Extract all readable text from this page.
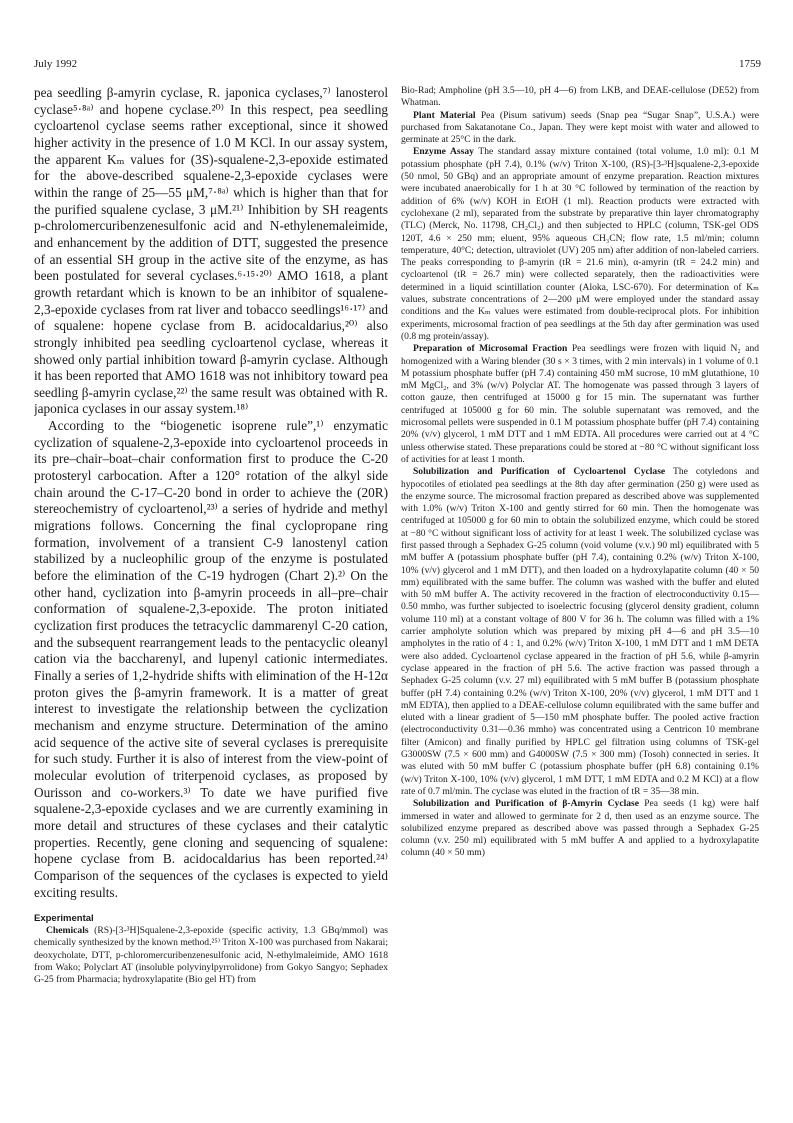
July 1992	1759

pea seedling β-amyrin cyclase, R. japonica cyclases,⁷⁾ lanosterol cyclase⁵·⁸ᵃ⁾ and hopene cyclase.²⁰⁾ In this respect, pea seedling cycloartenol cyclase seems rather exceptional, since it showed higher activity in the presence of 1.0 M KCl. In our assay system, the apparent Kₘ values for (3S)-squalene-2,3-epoxide estimated for the above-described squalene-2,3-epoxide cyclases were within the range of 25—55 μM,⁷·⁸ᵃ⁾ which is higher than that for the purified squalene cyclase, 3 μM.²¹⁾ Inhibition by SH reagents p-chrolomercuribenzenesulfonic acid and N-ethylenemaleimide, and enhancement by the addition of DTT, suggested the presence of an essential SH group in the active site of the enzyme, as has been postulated for several cyclases.⁶·¹⁵·²⁰⁾ AMO 1618, a plant growth retardant which is known to be an inhibitor of squalene-2,3-epoxide cyclases from rat liver and tobacco seedlings¹⁶·¹⁷⁾ and of squalene: hopene cyclase from B. acidocaldarius,²⁰⁾ also strongly inhibited pea seedling cycloartenol cyclase, whereas it showed only partial inhibition toward β-amyrin cyclase. Although it has been reported that AMO 1618 was not inhibitory toward pea seedling β-amyrin cyclase,²²⁾ the same result was obtained with R. japonica cyclases in our assay system.¹⁸⁾

According to the “biogenetic isoprene rule”,¹⁾ enzymatic cyclization of squalene-2,3-epoxide into cycloartenol proceeds in its pre–chair–boat–chair conformation first to produce the C-20 protosteryl carbocation. After a 120° rotation of the alkyl side chain around the C-17–C-20 bond in order to achieve the (20R) stereochemistry of cycloartenol,²³⁾ a series of hydride and methyl migrations follows. Concerning the final cyclopropane ring formation, involvement of a transient C-9 lanostenyl cation stabilized by a nucleophilic group of the enzyme is postulated before the elimination of the C-19 hydrogen (Chart 2).²⁾ On the other hand, cyclization into β-amyrin proceeds in all–pre–chair conformation of squalene-2,3-epoxide. The proton initiated cyclization first produces the tetracyclic dammarenyl C-20 cation, and the subsequent rearrangement leads to the pentacyclic oleanyl cation via the baccharenyl, and lupenyl cationic intermediates. Finally a series of 1,2-hydride shifts with elimination of the H-12α proton gives the β-amyrin framework. It is a matter of great interest to investigate the relationship between the cyclization mechanism and enzyme structure. Determination of the amino acid sequence of the active site of several cyclases is prerequisite for such study. Further it is also of interest from the view-point of molecular evolution of triterpenoid cyclases, as proposed by Ourisson and co-workers.³⁾ To date we have purified five squalene-2,3-epoxide cyclases and we are currently examining in more detail and structures of these cyclases and their catalytic properties. Recently, gene cloning and sequencing of squalene: hopene cyclase from B. acidocaldarius has been reported.²⁴⁾ Comparison of the sequences of the cyclases is expected to yield exciting results.

Experimental

Chemicals (RS)-[3-³H]Squalene-2,3-epoxide (specific activity, 1.3 GBq/mmol) was chemically synthesized by the known method.²⁵⁾ Triton X-100 was purchased from Nakarai; deoxycholate, DTT, p-chloromercuribenzenesulfonic acid, N-ethylmaleimide, AMO 1618 from Wako; Polyclart AT (insoluble polyvinylpyrrolidone) from Gokyo Sangyo; Sephadex G-25 from Pharmacia; hydroxylapatite (Bio gel HT) from

Bio-Rad; Ampholine (pH 3.5—10, pH 4—6) from LKB, and DEAE-cellulose (DE52) from Whatman.

Plant Material Pea (Pisum sativum) seeds (Snap pea “Sugar Snap”, U.S.A.) were purchased from Sakatanotane Co., Japan. They were kept moist with water and allowed to germinate at 25°C in the dark.

Enzyme Assay The standard assay mixture contained (total volume, 1.0 ml): 0.1 M potassium phosphate (pH 7.4), 0.1% (w/v) Triton X-100, (RS)-[3-³H]squalene-2,3-epoxide (50 nmol, 50 GBq) and an appropriate amount of enzyme preparation. Reaction mixtures were incubated anaerobically for 1 h at 30 °C followed by termination of the reaction by addition of 6% (w/v) KOH in EtOH (1 ml). Reaction products were extracted with cyclohexane (2 ml), separated from the substrate by preparative thin layer chromatography (TLC) (Merck, No. 11798, CH₂Cl₂) and then subjected to HPLC (column, TSK-gel ODS 120T, 4.6 × 250 mm; eluent, 95% aqueous CH₃CN; flow rate, 1.5 ml/min; column temperature, 40°C; detection, ultraviolet (UV) 205 nm) after addition of non-labeled carriers. The peaks corresponding to β-amyrin (tR = 21.6 min), α-amyrin (tR = 24.2 min) and cycloartenol (tR = 26.7 min) were collected separately, then the radioactivities were determined in a liquid scintillation counter (Aloka, LSC-670). For determination of Kₘ values, substrate concentrations of 2—200 μM were employed under the standard assay conditions and the Kₘ values were estimated from double-reciprocal plots. For inhibition experiments, microsomal fraction of pea seedlings at the 5th day after germination was used (0.8 mg protein/assay).

Preparation of Microsomal Fraction Pea seedlings were frozen with liquid N₂ and homogenized with a Waring blender (30 s × 3 times, with 2 min intervals) in 1 volume of 0.1 M potassium phosphate buffer (pH 7.4) containing 450 mM sucrose, 10 mM glutathione, 10 mM MgCl₂, and 3% (w/v) Polyclar AT. The homogenate was passed through 3 layers of cotton gauze, then centrifuged at 15000 g for 15 min. The supernatant was further centrifuged at 105000 g for 60 min. The soluble supernatant was removed, and the microsomal pellets were suspended in 0.1 M potassium phosphate buffer (pH 7.4) containing 20% (v/v) glycerol, 1 mM DTT and 1 mM EDTA. All procedures were carried out at 4 °C unless otherwise stated. These preparations could be stored at −80 °C without significant loss of activities for at least 1 month.

Solubilization and Purification of Cycloartenol Cyclase The cotyledons and hypocotiles of etiolated pea seedlings at the 8th day after germination (250 g) were used as the enzyme source. The microsomal fraction prepared as described above was supplemented with 1.0% (w/v) Triton X-100 and gently stirred for 60 min. Then the homogenate was centrifuged at 105000 g for 60 min to obtain the solubilized enzyme, which could be stored at −80 °C without significant loss of activity for at least 1 week. The solubilized cyclase was first passed through a Sephadex G-25 column (void volume (v.v.) 90 ml) equilibrated with 5 mM buffer A (potassium phosphate buffer (pH 7.4), containing 0.2% (w/v) Triton X-100, 10% (v/v) glycerol and 1 mM DTT), and then loaded on a hydroxylapatite column (40 × 50 mm) equilibrated with the same buffer. The column was washed with the buffer and eluted with 50 mM buffer A. The activity recovered in the fraction of electroconductivity 0.15—0.50 mmho, was further subjected to isoelectric focusing (glycerol density gradient, column volume 110 ml) at a constant voltage of 800 V for 36 h. The column was filled with a 1% carrier ampholyte solution which was prepared by mixing pH 4—6 and pH 3.5—10 ampholytes in the ratio of 4 : 1, and 0.2% (w/v) Triton X-100, 1 mM DTT and 1 mM DETA were also added. Cycloartenol cyclase appeared in the fraction of pH 5.6, while β-amyrin cyclase appeared in the fraction of pH 5.6. The active fraction was passed through a Sephadex G-25 column (v.v. 27 ml) equilibrated with 5 mM buffer B (potassium phosphate buffer (pH 7.4) containing 0.2% (w/v) Triton X-100, 20% (v/v) glycerol, 1 mM DTT and 1 mM EDTA), then applied to a DEAE-cellulose column equilibrated with the same buffer and eluted with a linear gradient of 5—150 mM phosphate buffer. The pooled active fraction (electroconductivity 0.31—0.36 mmho) was concentrated using a Centricon 10 membrane filter (Amicon) and finally purified by HPLC gel filtration using columns of TSK-gel G3000SW (7.5 × 600 mm) and G4000SW (7.5 × 300 mm) (Tosoh) connected in series. It was eluted with 50 mM buffer C (potassium phosphate buffer (pH 6.8) containing 0.1% (w/v) Triton X-100, 10% (v/v) glycerol, 1 mM DTT, 1 mM EDTA and 0.2 M KCl) at a flow rate of 0.7 ml/min. The cyclase was eluted in the fraction of tR = 35—38 min.

Solubilization and Purification of β-Amyrin Cyclase Pea seeds (1 kg) were half immersed in water and allowed to germinate for 2 d, then used as an enzyme source. The solubilized enzyme prepared as described above was passed through a Sephadex G-25 column (v.v. 250 ml) equilibrated with 5 mM buffer A and applied to a hydroxylapatite column (40 × 50 mm)
